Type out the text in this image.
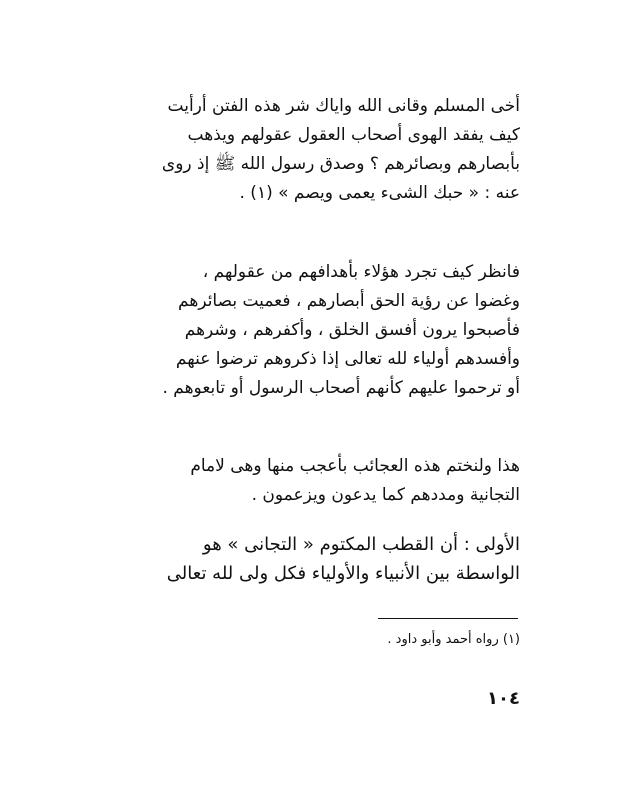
أخى المسلم وقانى الله واياك شر هذه الفتن أرأيت
كيف يفقد الهوى أصحاب العقول عقولهم ويذهب
بأبصارهم وبصائرهم ؟ وصدق رسول الله ﷺ إذ روى
عنه : « حبك الشىء يعمى ويصم » (١) .

فانظر كيف تجرد هؤلاء بأهدافهم من عقولهم ،
وغضوا عن رؤية الحق أبصارهم ، فعميت بصائرهم
فأصبحوا يرون أفسق الخلق ، وأكفرهم ، وشرهم
وأفسدهم أولياء لله تعالى إذا ذكروهم ترضوا عنهم
أو ترحموا عليهم كأنهم أصحاب الرسول أو تابعوهم .

هذا ولنختم هذه العجائب بأعجب منها وهى لامام
التجانية ومددهم كما يدعون ويزعمون .

الأولى : أن القطب المكتوم « التجانى » هو
الواسطة بين الأنبياء والأولياء فكل ولى لله تعالى

(١) رواه أحمد وأبو داود .
١٠٤
